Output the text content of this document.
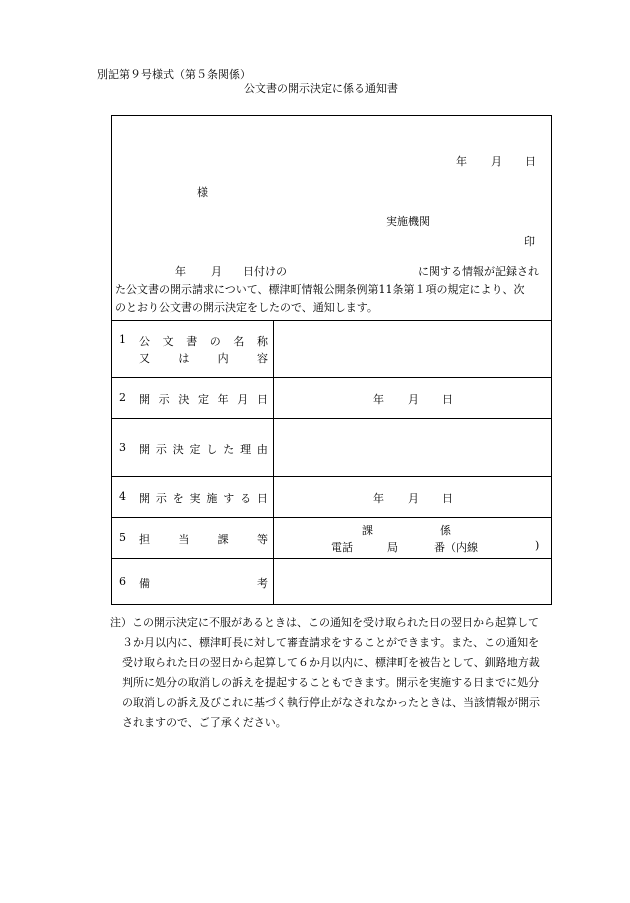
別記第９号様式（第５条関係）
公文書の開示決定に係る通知書
年 月 日
様
実施機関
印
年 月 日付けの	に関する情報が記録され
た公文書の開示請求について、標津町情報公開条例第11条第１項の規定により、次
のとおり公文書の開示決定をしたので、通知します。
1 公 文 書 の 名 称
又	は	内	容
2 開 示 決 定 年 月 日	年 月 日
3 開 示 決 定 し た 理 由
4 開 示 を 実 施 す る 日	年 月 日
5 担	当	課	等
課	係
電話	局	番（内線	)
6 備	考
注）この開示決定に不服があるときは、この通知を受け取られた日の翌日から起算して
３か月以内に、標津町長に対して審査請求をすることができます。また、この通知を
受け取られた日の翌日から起算して６か月以内に、標津町を被告として、釧路地方裁
判所に処分の取消しの訴えを提起することもできます。開示を実施する日までに処分
の取消しの訴え及びこれに基づく執行停止がなされなかったときは、当該情報が開示
されますので、ご了承ください。
